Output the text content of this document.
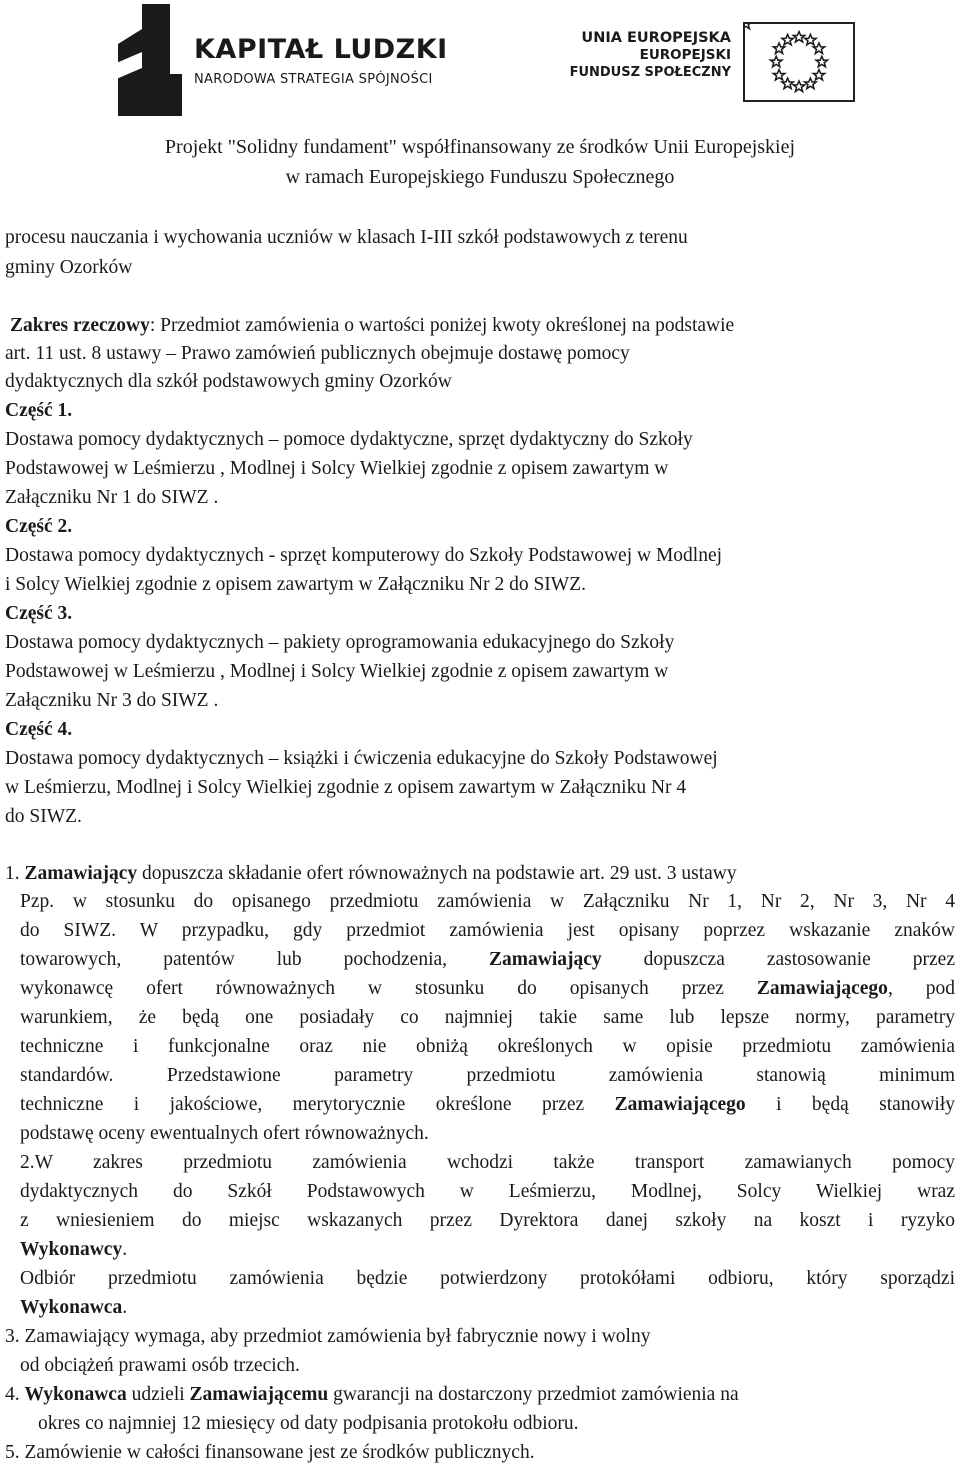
KAPITAŁ LUDZKI
NARODOWA STRATEGIA SPÓJNOŚCI
UNIA EUROPEJSKA
EUROPEJSKI
FUNDUSZ SPOŁECZNY
Projekt "Solidny fundament" współfinansowany ze środków Unii Europejskiej
w ramach Europejskiego Funduszu Społecznego
procesu nauczania i wychowania uczniów w klasach I-III szkół podstawowych z terenu
gminy Ozorków
Zakres rzeczowy: Przedmiot zamówienia o wartości poniżej kwoty określonej na podstawie
art. 11 ust. 8 ustawy – Prawo zamówień publicznych obejmuje dostawę pomocy
dydaktycznych dla szkół podstawowych gminy Ozorków
Część 1.
Dostawa pomocy dydaktycznych – pomoce dydaktyczne, sprzęt dydaktyczny do Szkoły
Podstawowej w Leśmierzu , Modlnej i Solcy Wielkiej zgodnie z opisem zawartym w
Załączniku Nr 1 do SIWZ .
Część 2.
Dostawa pomocy dydaktycznych - sprzęt komputerowy do Szkoły Podstawowej w Modlnej
i Solcy Wielkiej zgodnie z opisem zawartym w Załączniku Nr 2 do SIWZ.
Część 3.
Dostawa pomocy dydaktycznych – pakiety oprogramowania edukacyjnego do Szkoły
Podstawowej w Leśmierzu , Modlnej i Solcy Wielkiej zgodnie z opisem zawartym w
Załączniku Nr 3 do SIWZ .
Część 4.
Dostawa pomocy dydaktycznych – książki i ćwiczenia edukacyjne do Szkoły Podstawowej
w Leśmierzu, Modlnej i Solcy Wielkiej zgodnie z opisem zawartym w Załączniku Nr 4
do SIWZ.
1. Zamawiający dopuszcza składanie ofert równoważnych na podstawie art. 29 ust. 3 ustawy
Pzp. w stosunku do opisanego przedmiotu zamówienia w Załączniku Nr 1, Nr 2, Nr 3, Nr 4
do SIWZ. W przypadku, gdy przedmiot zamówienia jest opisany poprzez wskazanie znaków
towarowych, patentów lub pochodzenia, Zamawiający dopuszcza zastosowanie przez
wykonawcę ofert równoważnych w stosunku do opisanych przez Zamawiającego, pod
warunkiem, że będą one posiadały co najmniej takie same lub lepsze normy, parametry
techniczne i funkcjonalne oraz nie obniżą określonych w opisie przedmiotu zamówienia
standardów. Przedstawione parametry przedmiotu zamówienia stanowią minimum
techniczne i jakościowe, merytorycznie określone przez Zamawiającego i będą stanowiły
podstawę oceny ewentualnych ofert równoważnych.
2.W zakres przedmiotu zamówienia wchodzi także transport zamawianych pomocy
dydaktycznych do Szkół Podstawowych w Leśmierzu, Modlnej, Solcy Wielkiej wraz
z wniesieniem do miejsc wskazanych przez Dyrektora danej szkoły na koszt i ryzyko
Wykonawcy.
Odbiór przedmiotu zamówienia będzie potwierdzony protokółami odbioru, który sporządzi
Wykonawca.
3. Zamawiający wymaga, aby przedmiot zamówienia był fabrycznie nowy i wolny
od obciążeń prawami osób trzecich.
4. Wykonawca udzieli Zamawiającemu gwarancji na dostarczony przedmiot zamówienia na
okres co najmniej 12 miesięcy od daty podpisania protokołu odbioru.
5. Zamówienie w całości finansowane jest ze środków publicznych.
